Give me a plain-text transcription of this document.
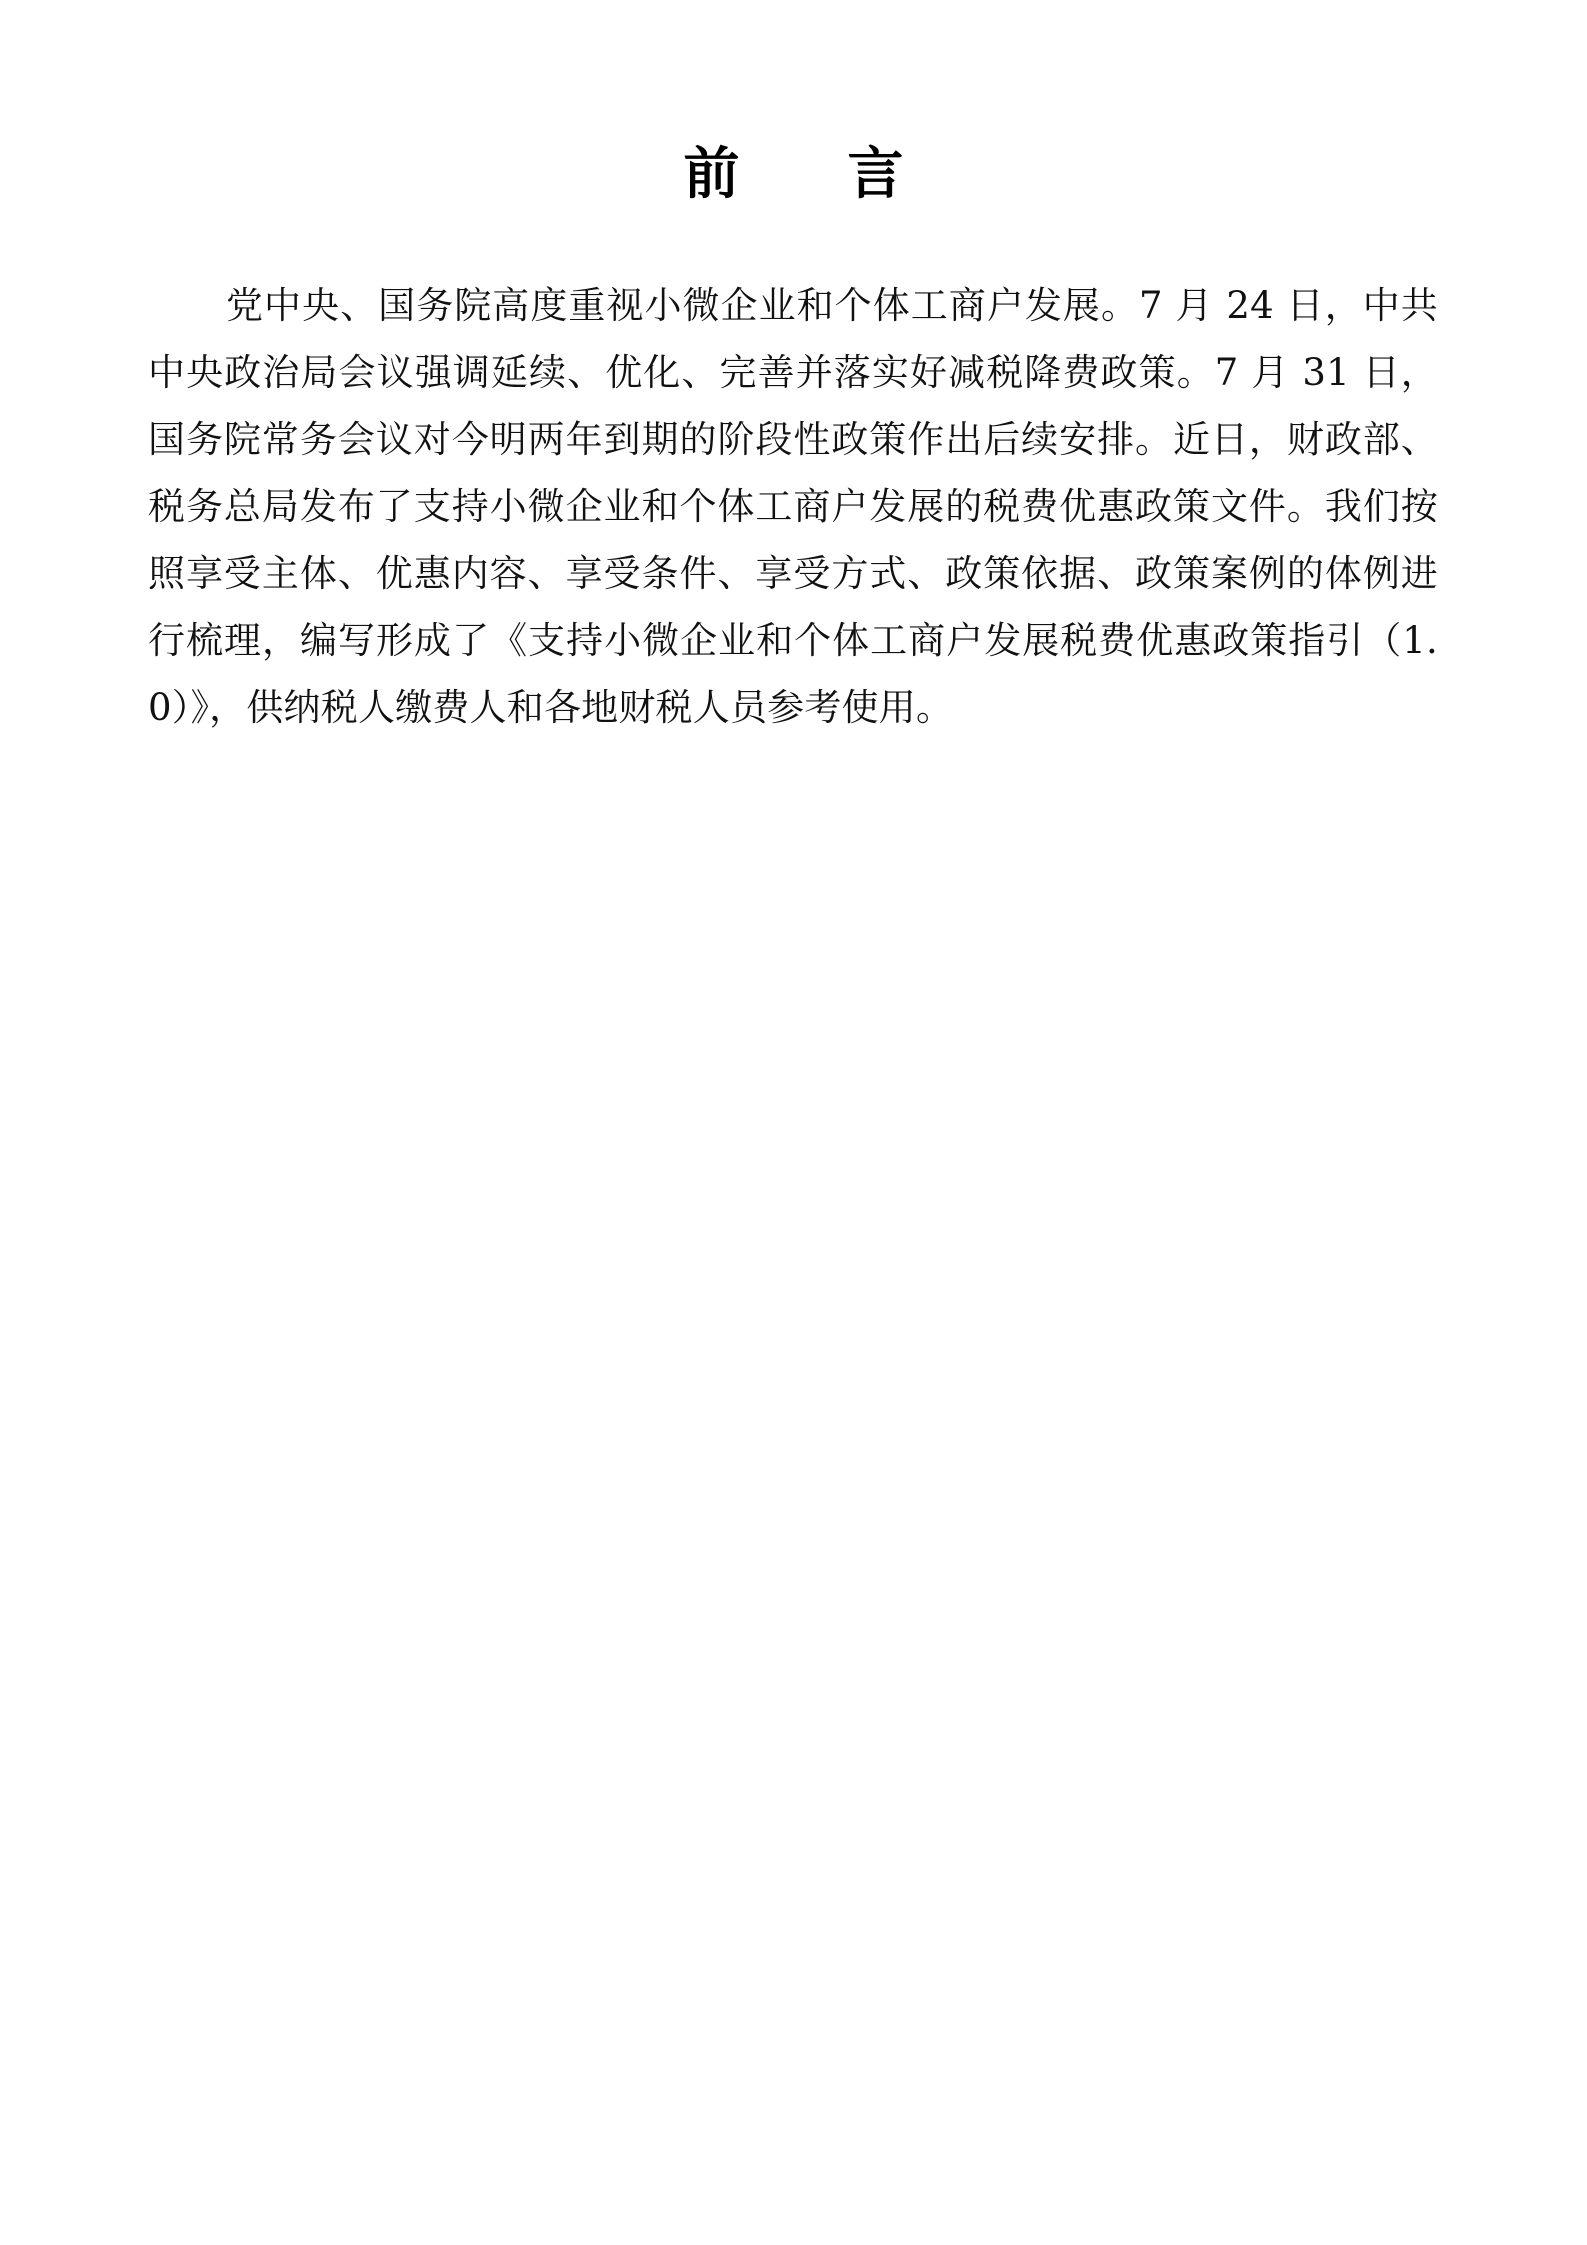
前　言

党中央、国务院高度重视小微企业和个体工商户发展。7 月 24 日，中共中央政治局会议强调延续、优化、完善并落实好减税降费政策。7 月 31 日，国务院常务会议对今明两年到期的阶段性政策作出后续安排。近日，财政部、税务总局发布了支持小微企业和个体工商户发展的税费优惠政策文件。我们按照享受主体、优惠内容、享受条件、享受方式、政策依据、政策案例的体例进行梳理，编写形成了《支持小微企业和个体工商户发展税费优惠政策指引（1.0）》，供纳税人缴费人和各地财税人员参考使用。
